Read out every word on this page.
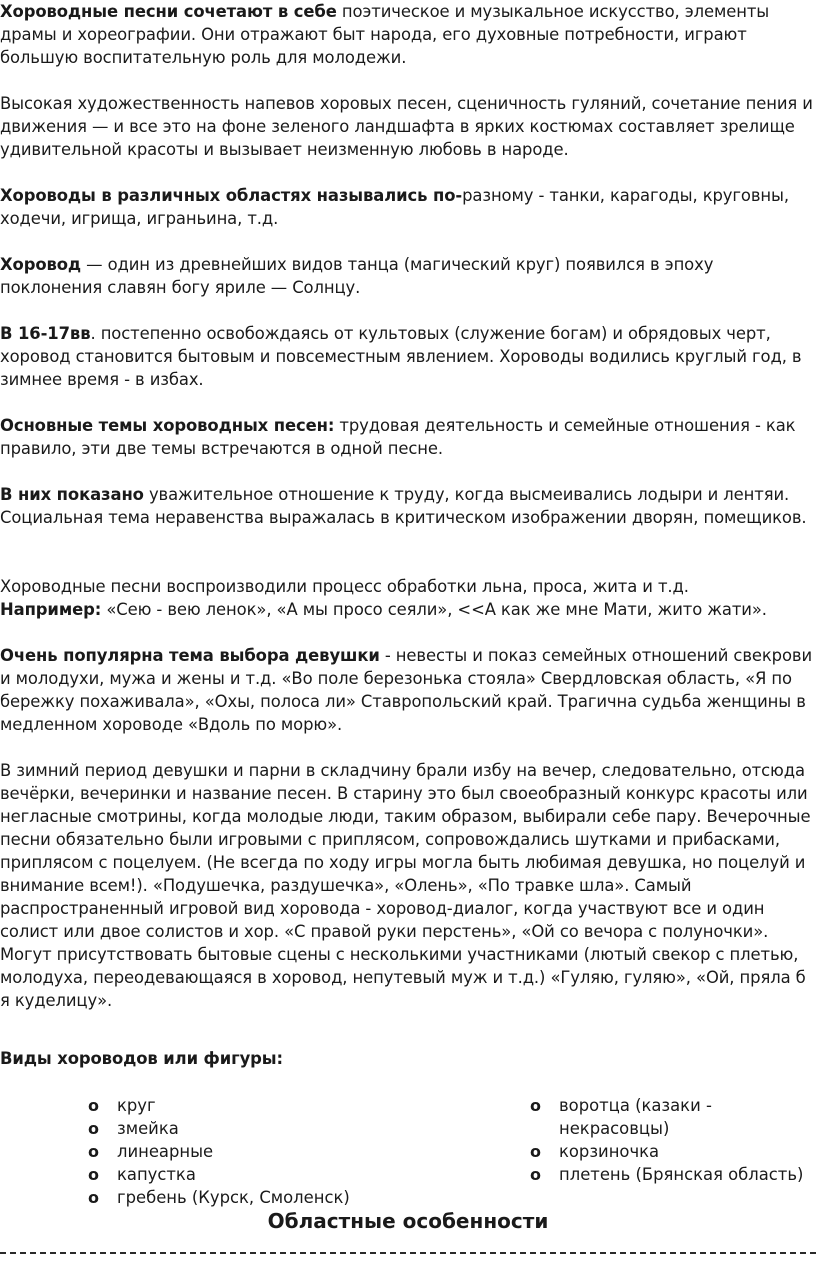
Хороводные песни сочетают в себе поэтическое и музыкальное искусство, элементы драмы и хореографии. Они отражают быт народа, его духовные потребности, играют большую воспитательную роль для молодежи.

Высокая художественность напевов хоровых песен, сценичность гуляний, сочетание пения и движения — и все это на фоне зеленого ландшафта в ярких костюмах составляет зрелище удивительной красоты и вызывает неизменную любовь в народе.

Хороводы в различных областях назывались по-разному - танки, карагоды, круговны, ходечи, игрища, играньина, т.д.

Хоровод — один из древнейших видов танца (магический круг) появился в эпоху поклонения славян богу яриле — Солнцу.

В 16-17вв. постепенно освобождаясь от культовых (служение богам) и обрядовых черт, хоровод становится бытовым и повсеместным явлением. Хороводы водились круглый год, в зимнее время - в избах.

Основные темы хороводных песен: трудовая деятельность и семейные отношения - как правило, эти две темы встречаются в одной песне.

В них показано уважительное отношение к труду, когда высмеивались лодыри и лентяи. Социальная тема неравенства выражалась в критическом изображении дворян, помещиков.

Хороводные песни воспроизводили процесс обработки льна, проса, жита и т.д.
Например: «Сею - вею ленок», «А мы просо сеяли», <<А как же мне Мати, жито жати».

Очень популярна тема выбора девушки - невесты и показ семейных отношений свекрови и молодухи, мужа и жены и т.д. «Во поле березонька стояла» Свердловская область, «Я по бережку похаживала», «Охы, полоса ли» Ставропольский край. Трагична судьба женщины в медленном хороводе «Вдоль по морю».

В зимний период девушки и парни в складчину брали избу на вечер, следовательно, отсюда вечёрки, вечеринки и название песен. В старину это был своеобразный конкурс красоты или негласные смотрины, когда молодые люди, таким образом, выбирали себе пару. Вечерочные песни обязательно были игровыми с приплясом, сопровождались шутками и прибасками, приплясом с поцелуем. (Не всегда по ходу игры могла быть любимая девушка, но поцелуй и внимание всем!). «Подушечка, раздушечка», «Олень», «По травке шла». Самый распространенный игровой вид хоровода - хоровод-диалог, когда участвуют все и один солист или двое солистов и хор. «С правой руки перстень», «Ой со вечора с полуночки». Могут присутствовать бытовые сцены с несколькими участниками (лютый свекор с плетью, молодуха, переодевающаяся в хоровод, непутевый муж и т.д.) «Гуляю, гуляю», «Ой, пряла б я куделицу».

Виды хороводов или фигуры:

o круг
o змейка
o линеарные
o капустка
o гребень (Курск, Смоленск)
o воротца (казаки - некрасовцы)
o корзиночка
o плетень (Брянская область)
Областные особенности
